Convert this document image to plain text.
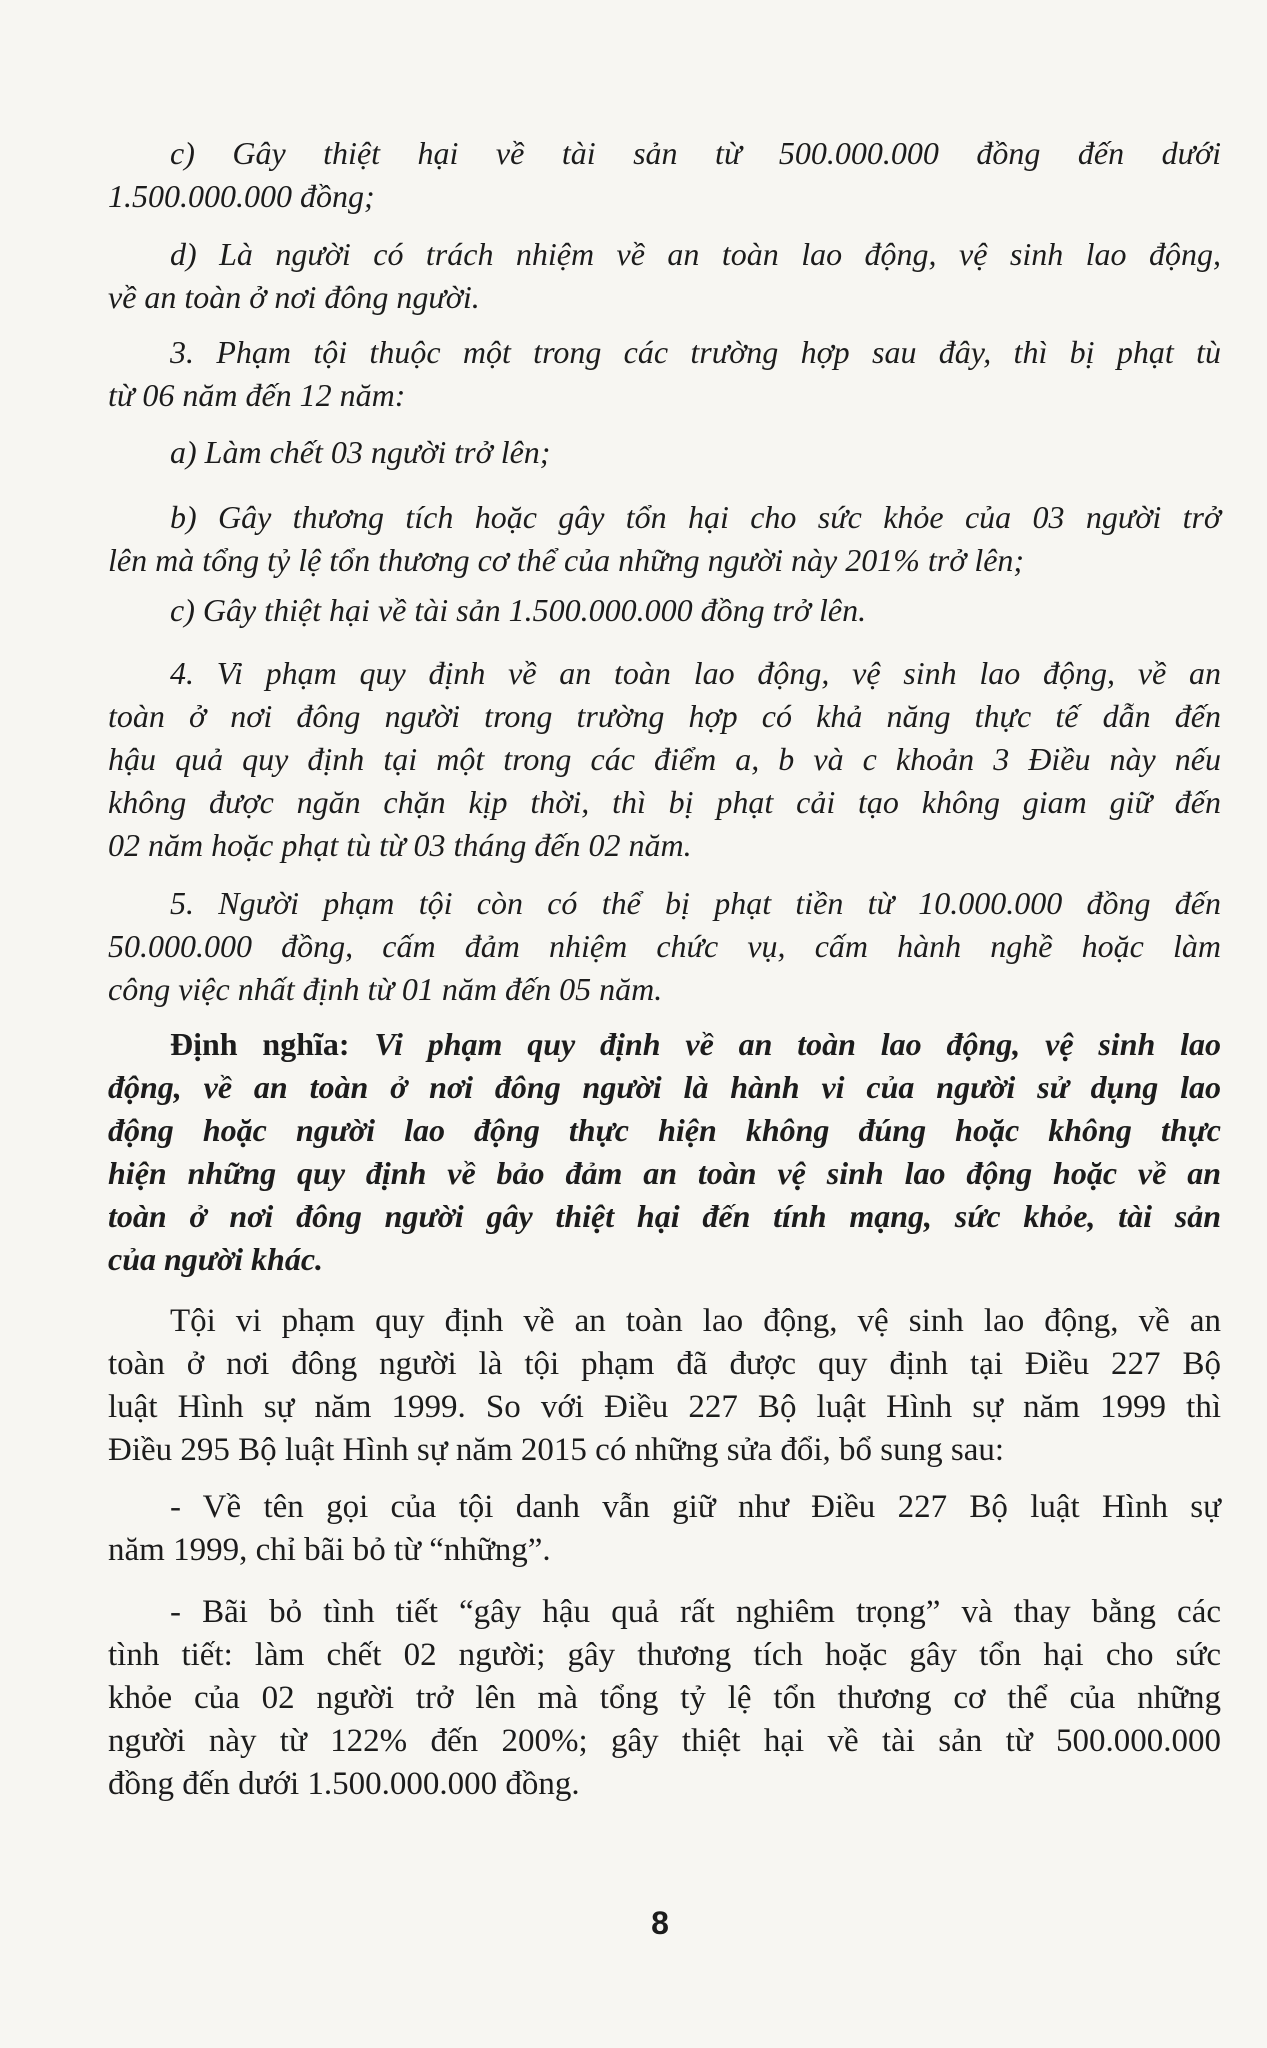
c) Gây thiệt hại về tài sản từ 500.000.000 đồng đến dưới
1.500.000.000 đồng;
d) Là người có trách nhiệm về an toàn lao động, vệ sinh lao động,
về an toàn ở nơi đông người.
3. Phạm tội thuộc một trong các trường hợp sau đây, thì bị phạt tù
từ 06 năm đến 12 năm:
a) Làm chết 03 người trở lên;
b) Gây thương tích hoặc gây tổn hại cho sức khỏe của 03 người trở
lên mà tổng tỷ lệ tổn thương cơ thể của những người này 201% trở lên;
c) Gây thiệt hại về tài sản 1.500.000.000 đồng trở lên.
4. Vi phạm quy định về an toàn lao động, vệ sinh lao động, về an
toàn ở nơi đông người trong trường hợp có khả năng thực tế dẫn đến
hậu quả quy định tại một trong các điểm a, b và c khoản 3 Điều này nếu
không được ngăn chặn kịp thời, thì bị phạt cải tạo không giam giữ đến
02 năm hoặc phạt tù từ 03 tháng đến 02 năm.
5. Người phạm tội còn có thể bị phạt tiền từ 10.000.000 đồng đến
50.000.000 đồng, cấm đảm nhiệm chức vụ, cấm hành nghề hoặc làm
công việc nhất định từ 01 năm đến 05 năm.
Định nghĩa: Vi phạm quy định về an toàn lao động, vệ sinh lao
động, về an toàn ở nơi đông người là hành vi của người sử dụng lao
động hoặc người lao động thực hiện không đúng hoặc không thực
hiện những quy định về bảo đảm an toàn vệ sinh lao động hoặc về an
toàn ở nơi đông người gây thiệt hại đến tính mạng, sức khỏe, tài sản
của người khác.
Tội vi phạm quy định về an toàn lao động, vệ sinh lao động, về an
toàn ở nơi đông người là tội phạm đã được quy định tại Điều 227 Bộ
luật Hình sự năm 1999. So với Điều 227 Bộ luật Hình sự năm 1999 thì
Điều 295 Bộ luật Hình sự năm 2015 có những sửa đổi, bổ sung sau:
- Về tên gọi của tội danh vẫn giữ như Điều 227 Bộ luật Hình sự
năm 1999, chỉ bãi bỏ từ “những”.
- Bãi bỏ tình tiết “gây hậu quả rất nghiêm trọng” và thay bằng các
tình tiết: làm chết 02 người; gây thương tích hoặc gây tổn hại cho sức
khỏe của 02 người trở lên mà tổng tỷ lệ tổn thương cơ thể của những
người này từ 122% đến 200%; gây thiệt hại về tài sản từ 500.000.000
đồng đến dưới 1.500.000.000 đồng.
8
